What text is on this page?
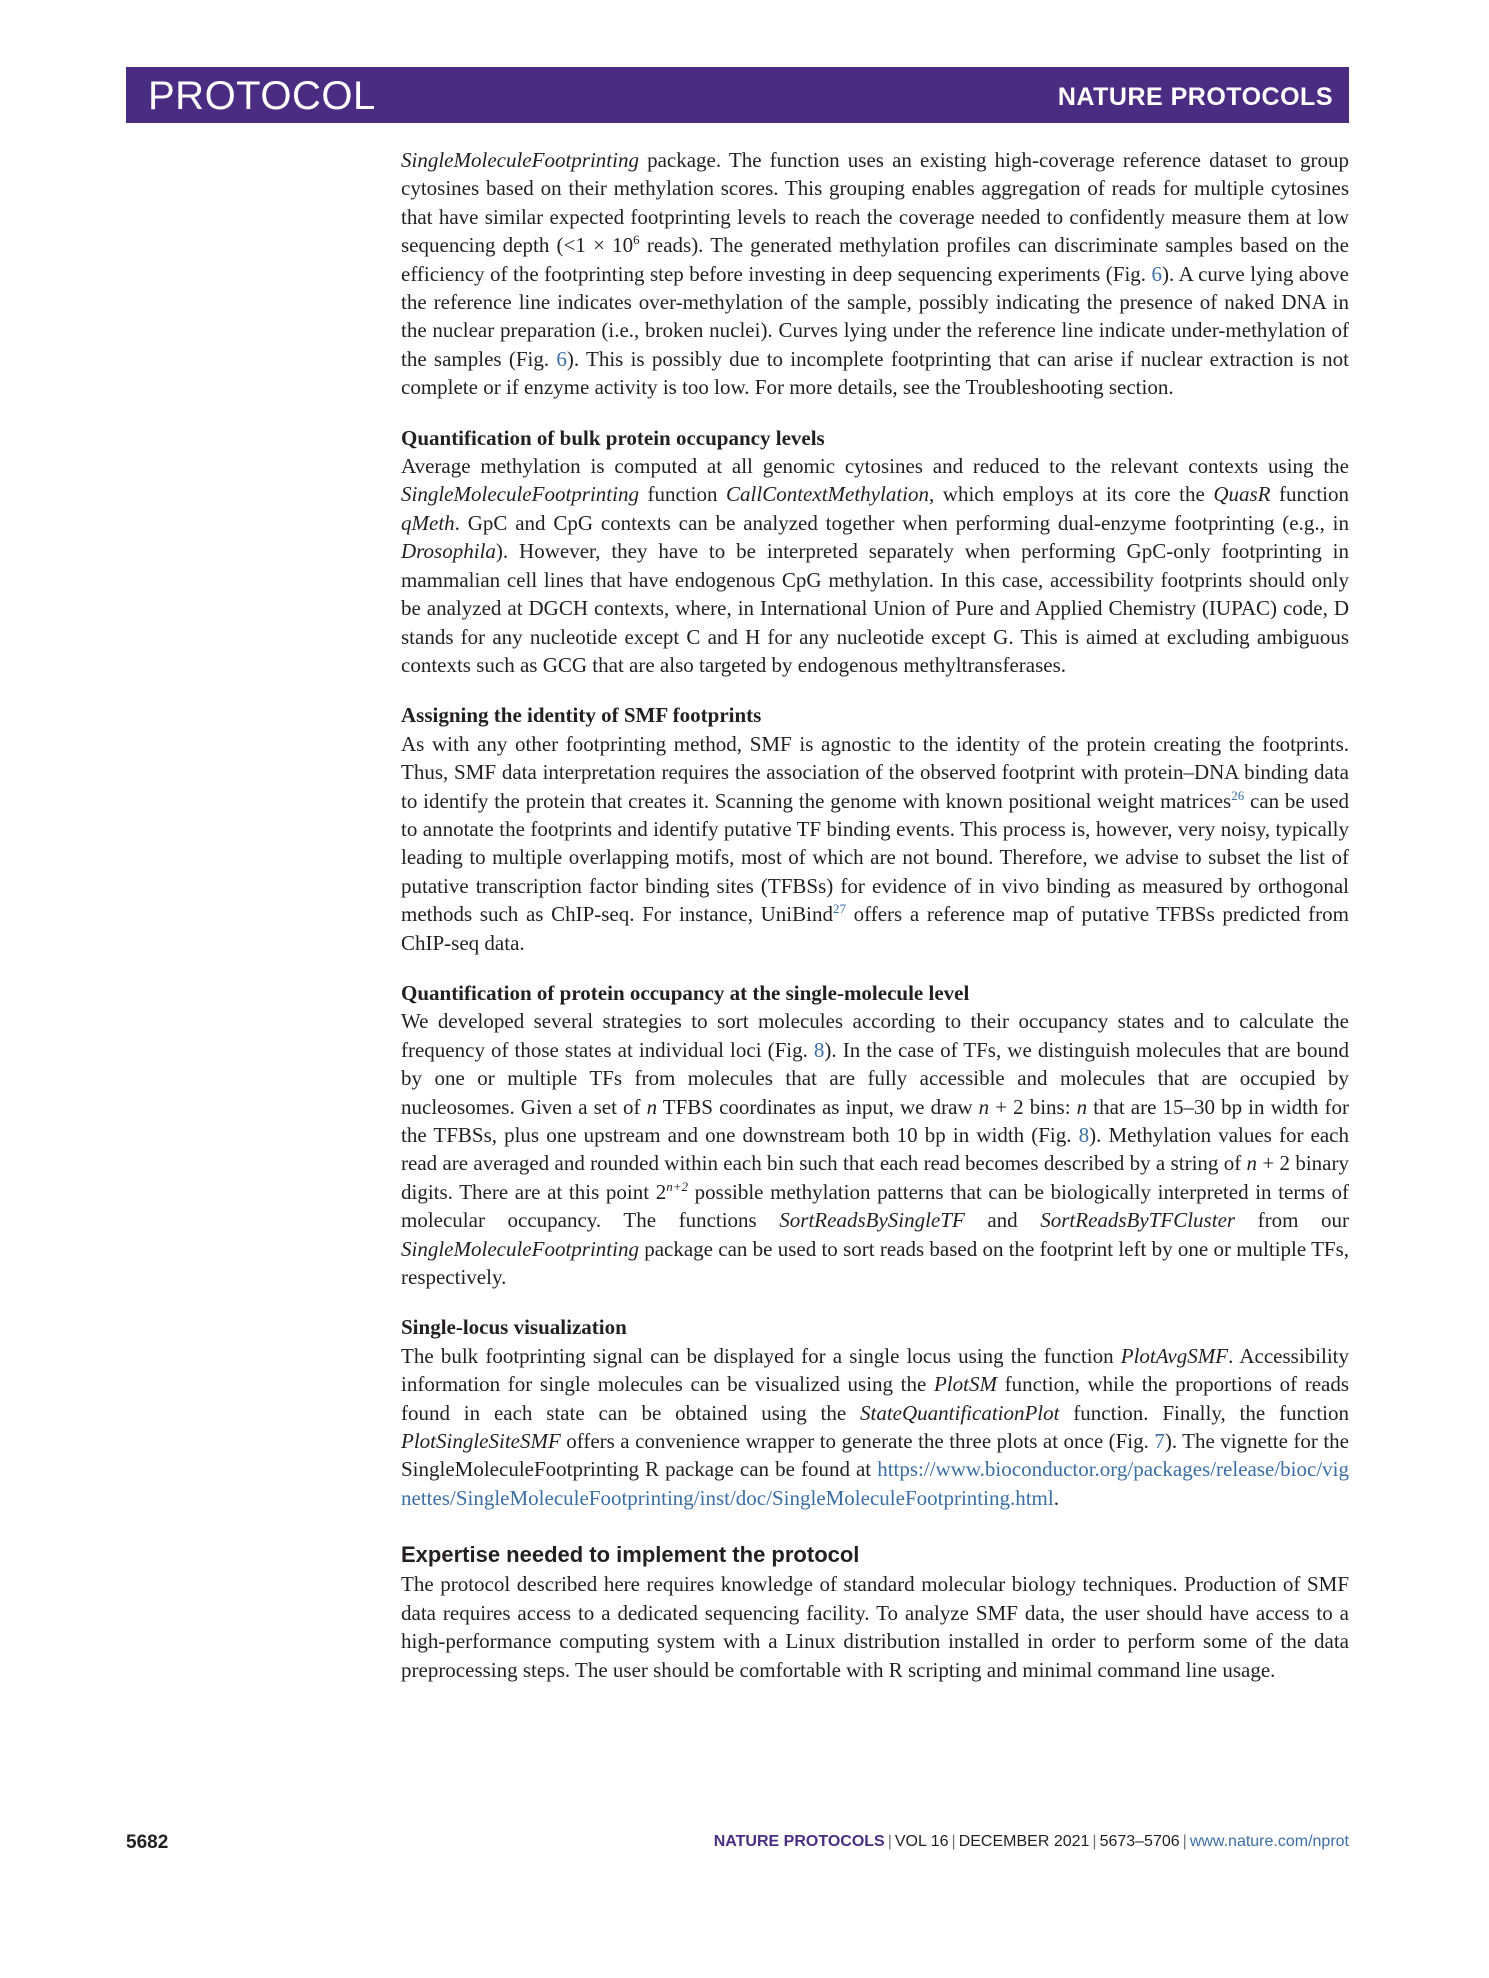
PROTOCOL	NATURE PROTOCOLS

SingleMoleculeFootprinting package. The function uses an existing high-coverage reference dataset to group cytosines based on their methylation scores. This grouping enables aggregation of reads for multiple cytosines that have similar expected footprinting levels to reach the coverage needed to confidently measure them at low sequencing depth ($<1 \times 10^6$ reads). The generated methylation profiles can discriminate samples based on the efficiency of the footprinting step before investing in deep sequencing experiments (Fig. 6). A curve lying above the reference line indicates over-methylation of the sample, possibly indicating the presence of naked DNA in the nuclear preparation (i.e., broken nuclei). Curves lying under the reference line indicate under-methylation of the samples (Fig. 6). This is possibly due to incomplete footprinting that can arise if nuclear extraction is not complete or if enzyme activity is too low. For more details, see the Troubleshooting section.

Quantification of bulk protein occupancy levels

Average methylation is computed at all genomic cytosines and reduced to the relevant contexts using the SingleMoleculeFootprinting function CallContextMethylation, which employs at its core the QuasR function qMeth. GpC and CpG contexts can be analyzed together when performing dual-enzyme footprinting (e.g., in Drosophila). However, they have to be interpreted separately when performing GpC-only footprinting in mammalian cell lines that have endogenous CpG methylation. In this case, accessibility footprints should only be analyzed at DGCH contexts, where, in International Union of Pure and Applied Chemistry (IUPAC) code, D stands for any nucleotide except C and H for any nucleotide except G. This is aimed at excluding ambiguous contexts such as GCG that are also targeted by endogenous methyltransferases.

Assigning the identity of SMF footprints

As with any other footprinting method, SMF is agnostic to the identity of the protein creating the footprints. Thus, SMF data interpretation requires the association of the observed footprint with protein–DNA binding data to identify the protein that creates it. Scanning the genome with known positional weight matrices$^{26}$ can be used to annotate the footprints and identify putative TF binding events. This process is, however, very noisy, typically leading to multiple overlapping motifs, most of which are not bound. Therefore, we advise to subset the list of putative transcription factor binding sites (TFBSs) for evidence of in vivo binding as measured by orthogonal methods such as ChIP-seq. For instance, UniBind$^{27}$ offers a reference map of putative TFBSs predicted from ChIP-seq data.

Quantification of protein occupancy at the single-molecule level

We developed several strategies to sort molecules according to their occupancy states and to calculate the frequency of those states at individual loci (Fig. 8). In the case of TFs, we distinguish molecules that are bound by one or multiple TFs from molecules that are fully accessible and molecules that are occupied by nucleosomes. Given a set of n TFBS coordinates as input, we draw n + 2 bins: n that are 15–30 bp in width for the TFBSs, plus one upstream and one downstream both 10 bp in width (Fig. 8). Methylation values for each read are averaged and rounded within each bin such that each read becomes described by a string of n + 2 binary digits. There are at this point $2^{n+2}$ possible methylation patterns that can be biologically interpreted in terms of molecular occupancy. The functions SortReadsBySingleTF and SortReadsByTFCluster from our SingleMoleculeFootprinting package can be used to sort reads based on the footprint left by one or multiple TFs, respectively.

Single-locus visualization

The bulk footprinting signal can be displayed for a single locus using the function PlotAvgSMF. Accessibility information for single molecules can be visualized using the PlotSM function, while the proportions of reads found in each state can be obtained using the StateQuantificationPlot function. Finally, the function PlotSingleSiteSMF offers a convenience wrapper to generate the three plots at once (Fig. 7). The vignette for the SingleMoleculeFootprinting R package can be found at https://www.bioconductor.org/packages/release/bioc/vignettes/SingleMoleculeFootprinting/inst/doc/SingleMoleculeFootprinting.html.

Expertise needed to implement the protocol

The protocol described here requires knowledge of standard molecular biology techniques. Production of SMF data requires access to a dedicated sequencing facility. To analyze SMF data, the user should have access to a high-performance computing system with a Linux distribution installed in order to perform some of the data preprocessing steps. The user should be comfortable with R scripting and minimal command line usage.

5682	NATURE PROTOCOLS | VOL 16 | DECEMBER 2021 | 5673–5706 | www.nature.com/nprot
